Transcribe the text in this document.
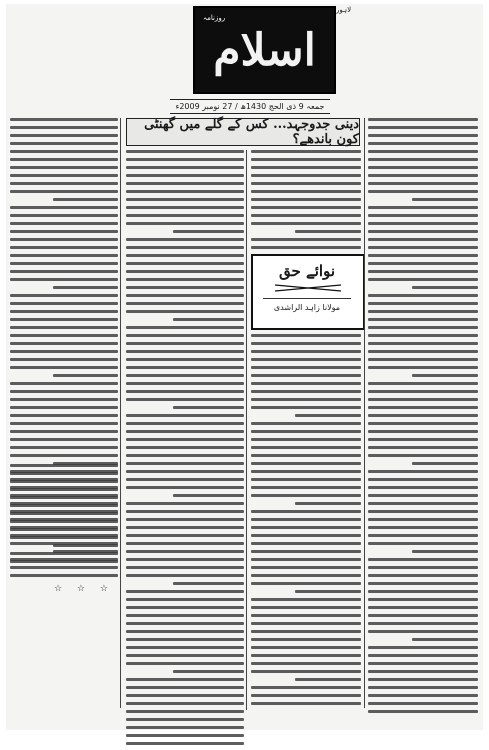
روزنامہ
اسلام
لاہور
جمعہ 9 ذی الحج 1430ھ / 27 نومبر 2009ء
دینی جدوجہد... کس کے گلے میں گھنٹی کون باندھے؟
نوائے حق
مولانا زاہد الراشدی
☆ ☆ ☆
